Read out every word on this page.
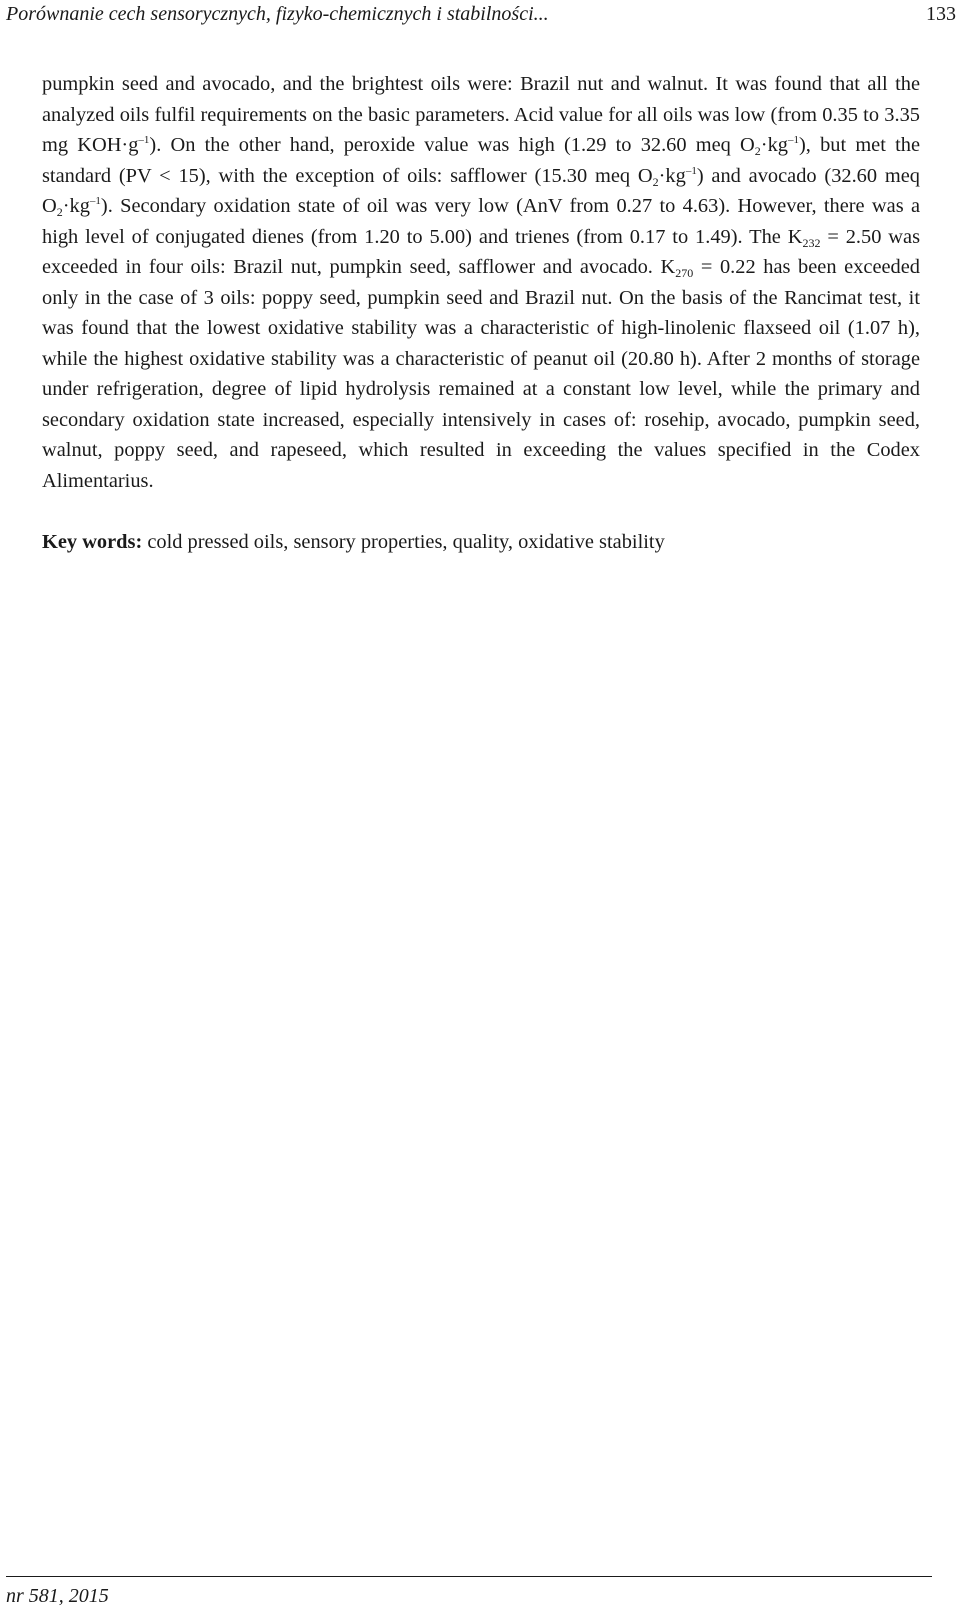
Porównanie cech sensorycznych, fizyko-chemicznych i stabilności...	133

pumpkin seed and avocado, and the brightest oils were: Brazil nut and walnut. It was found that all the analyzed oils fulfil requirements on the basic parameters. Acid value for all oils was low (from 0.35 to 3.35 mg $KOH\cdot g^{-1}$). On the other hand, peroxide value was high (1.29 to 32.60 meq $O_2\cdot kg^{-1}$), but met the standard (PV < 15), with the exception of oils: safflower (15.30 meq $O_2\cdot kg^{-1}$) and avocado (32.60 meq $O_2\cdot kg^{-1}$). Secondary oxidation state of oil was very low (AnV from 0.27 to 4.63). However, there was a high level of conjugated dienes (from 1.20 to 5.00) and trienes (from 0.17 to 1.49). The $K_{232} = 2.50$ was exceeded in four oils: Brazil nut, pumpkin seed, safflower and avocado. $K_{270} = 0.22$ has been exceeded only in the case of 3 oils: poppy seed, pumpkin seed and Brazil nut. On the basis of the Rancimat test, it was found that the lowest oxidative stability was a characteristic of high-linolenic flaxseed oil (1.07 h), while the highest oxidative stability was a characteristic of peanut oil (20.80 h). After 2 months of storage under refrigeration, degree of lipid hydrolysis remained at a constant low level, while the primary and secondary oxidation state increased, especially intensively in cases of: rosehip, avocado, pumpkin seed, walnut, poppy seed, and rapeseed, which resulted in exceeding the values specified in the Codex Alimentarius.

Key words: cold pressed oils, sensory properties, quality, oxidative stability
nr 581, 2015
